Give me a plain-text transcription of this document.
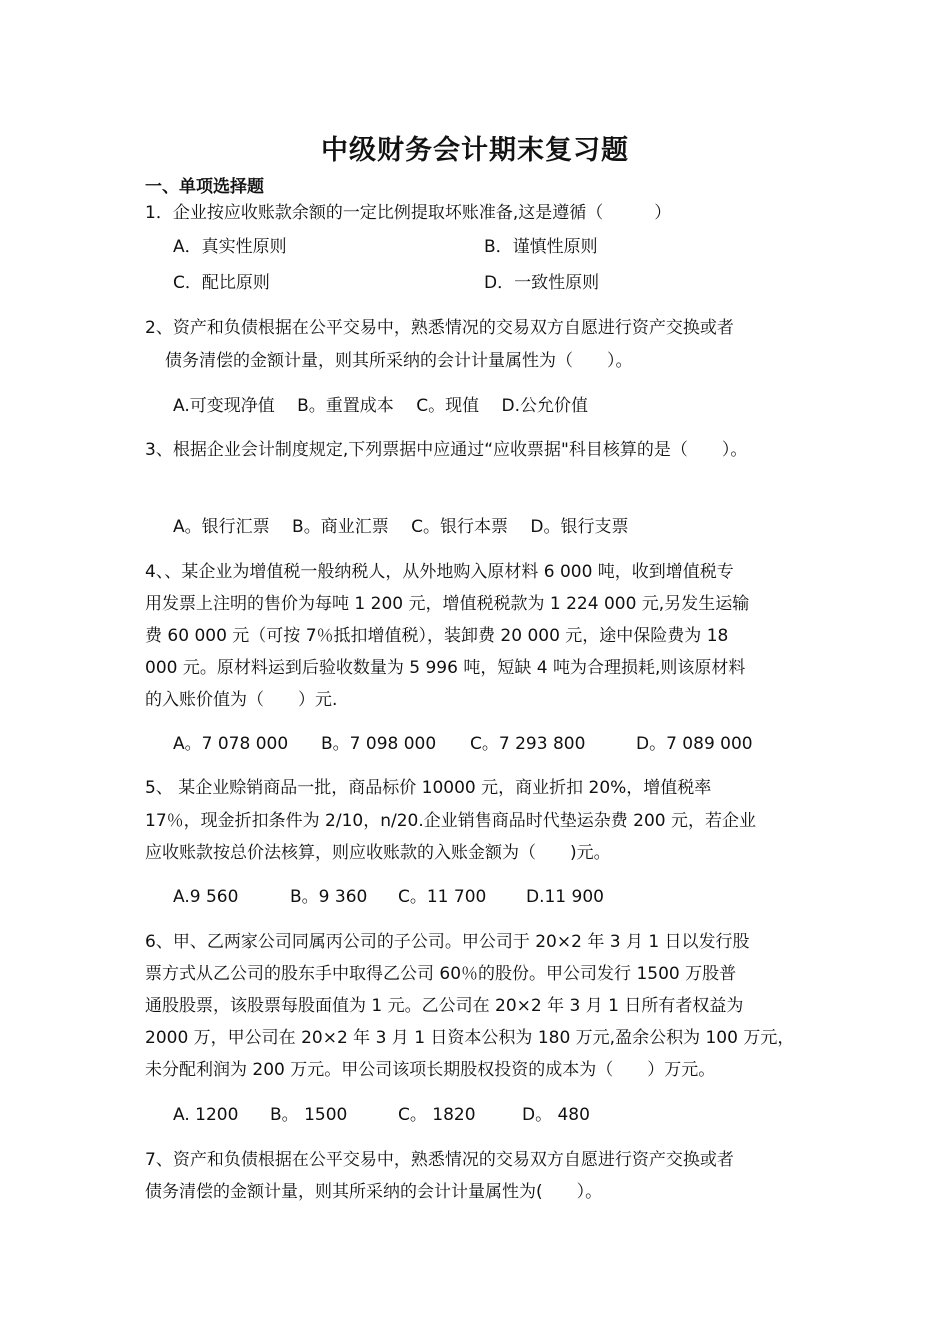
中级财务会计期末复习题
一、单项选择题
1．企业按应收账款余额的一定比例提取坏账准备,这是遵循（　　　）
A．真实性原则	B．谨慎性原则
C．配比原则	D．一致性原则
2、资产和负债根据在公平交易中，熟悉情况的交易双方自愿进行资产交换或者
债务清偿的金额计量，则其所采纳的会计计量属性为（　　）。
A.可变现净值　 B。重置成本　 C。现值　 D.公允价值
3、根据企业会计制度规定,下列票据中应通过“应收票据"科目核算的是（　　）。
A。银行汇票　 B。商业汇票　 C。银行本票　 D。银行支票
4、、某企业为增值税一般纳税人，从外地购入原材料 6 000 吨，收到增值税专
用发票上注明的售价为每吨 1 200 元，增值税税款为 1 224 000 元,另发生运输
费 60 000 元（可按 7％抵扣增值税），装卸费 20 000 元，途中保险费为 18
000 元。原材料运到后验收数量为 5 996 吨，短缺 4 吨为合理损耗,则该原材料
的入账价值为（　　）元.
A。7 078 000 B。7 098 000 C。7 293 800	D。7 089 000
5、 某企业赊销商品一批，商品标价 10000 元，商业折扣 20%，增值税率
17％，现金折扣条件为 2/10，n/20.企业销售商品时代垫运杂费 200 元，若企业
应收账款按总价法核算，则应收账款的入账金额为（　　)元。
A.9 560	B。9 360 C。11 700 D.11 900
6、甲、乙两家公司同属丙公司的子公司。甲公司于 20×2 年 3 月 1 日以发行股
票方式从乙公司的股东手中取得乙公司 60％的股份。甲公司发行 1500 万股普
通股股票，该股票每股面值为 1 元。乙公司在 20×2 年 3 月 1 日所有者权益为
2000 万，甲公司在 20×2 年 3 月 1 日资本公积为 180 万元,盈余公积为 100 万元，
未分配利润为 200 万元。甲公司该项长期股权投资的成本为（　　）万元。
A. 1200 B。 1500	C。 1820	D。 480
7、资产和负债根据在公平交易中，熟悉情况的交易双方自愿进行资产交换或者
债务清偿的金额计量，则其所采纳的会计计量属性为(　　）。
